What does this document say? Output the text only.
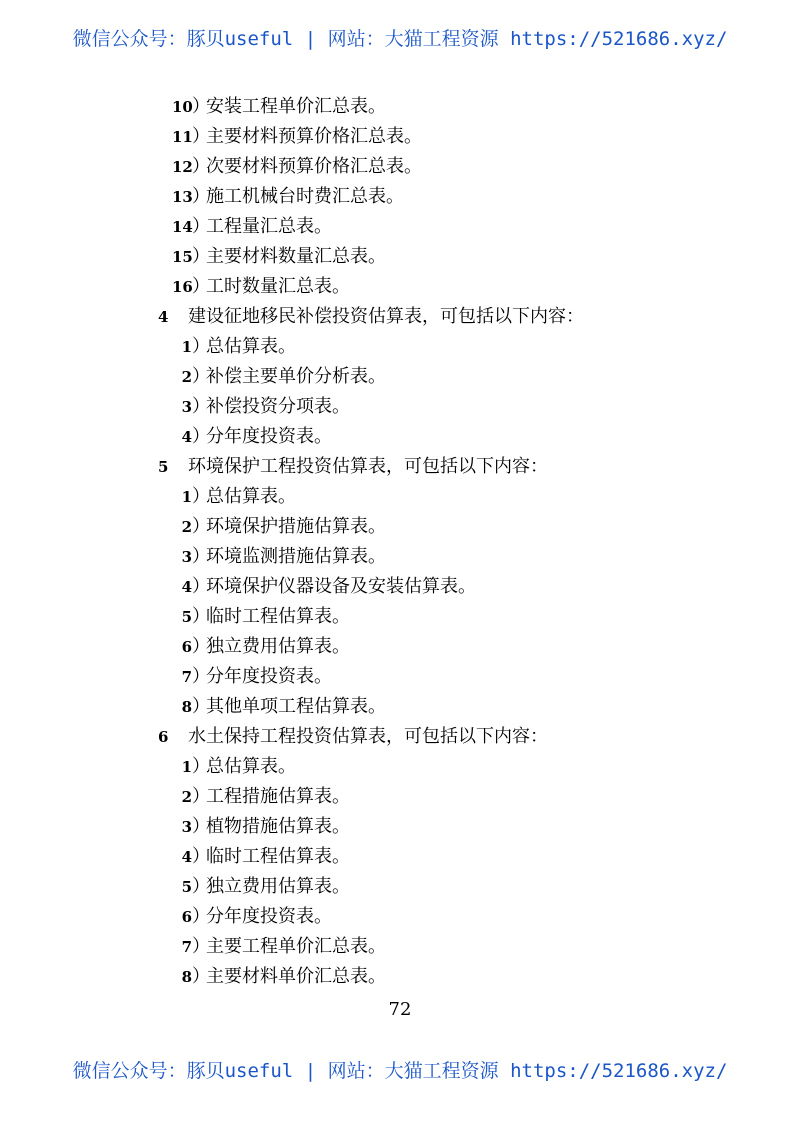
微信公众号：豚贝useful | 网站：大猫工程资源 https://521686.xyz/
10）安装工程单价汇总表。
11）主要材料预算价格汇总表。
12）次要材料预算价格汇总表。
13）施工机械台时费汇总表。
14）工程量汇总表。
15）主要材料数量汇总表。
16）工时数量汇总表。
4 建设征地移民补偿投资估算表，可包括以下内容：
1）总估算表。
2）补偿主要单价分析表。
3）补偿投资分项表。
4）分年度投资表。
5 环境保护工程投资估算表，可包括以下内容：
1）总估算表。
2）环境保护措施估算表。
3）环境监测措施估算表。
4）环境保护仪器设备及安装估算表。
5）临时工程估算表。
6）独立费用估算表。
7）分年度投资表。
8）其他单项工程估算表。
6 水土保持工程投资估算表，可包括以下内容：
1）总估算表。
2）工程措施估算表。
3）植物措施估算表。
4）临时工程估算表。
5）独立费用估算表。
6）分年度投资表。
7）主要工程单价汇总表。
8）主要材料单价汇总表。
72
微信公众号：豚贝useful | 网站：大猫工程资源 https://521686.xyz/
